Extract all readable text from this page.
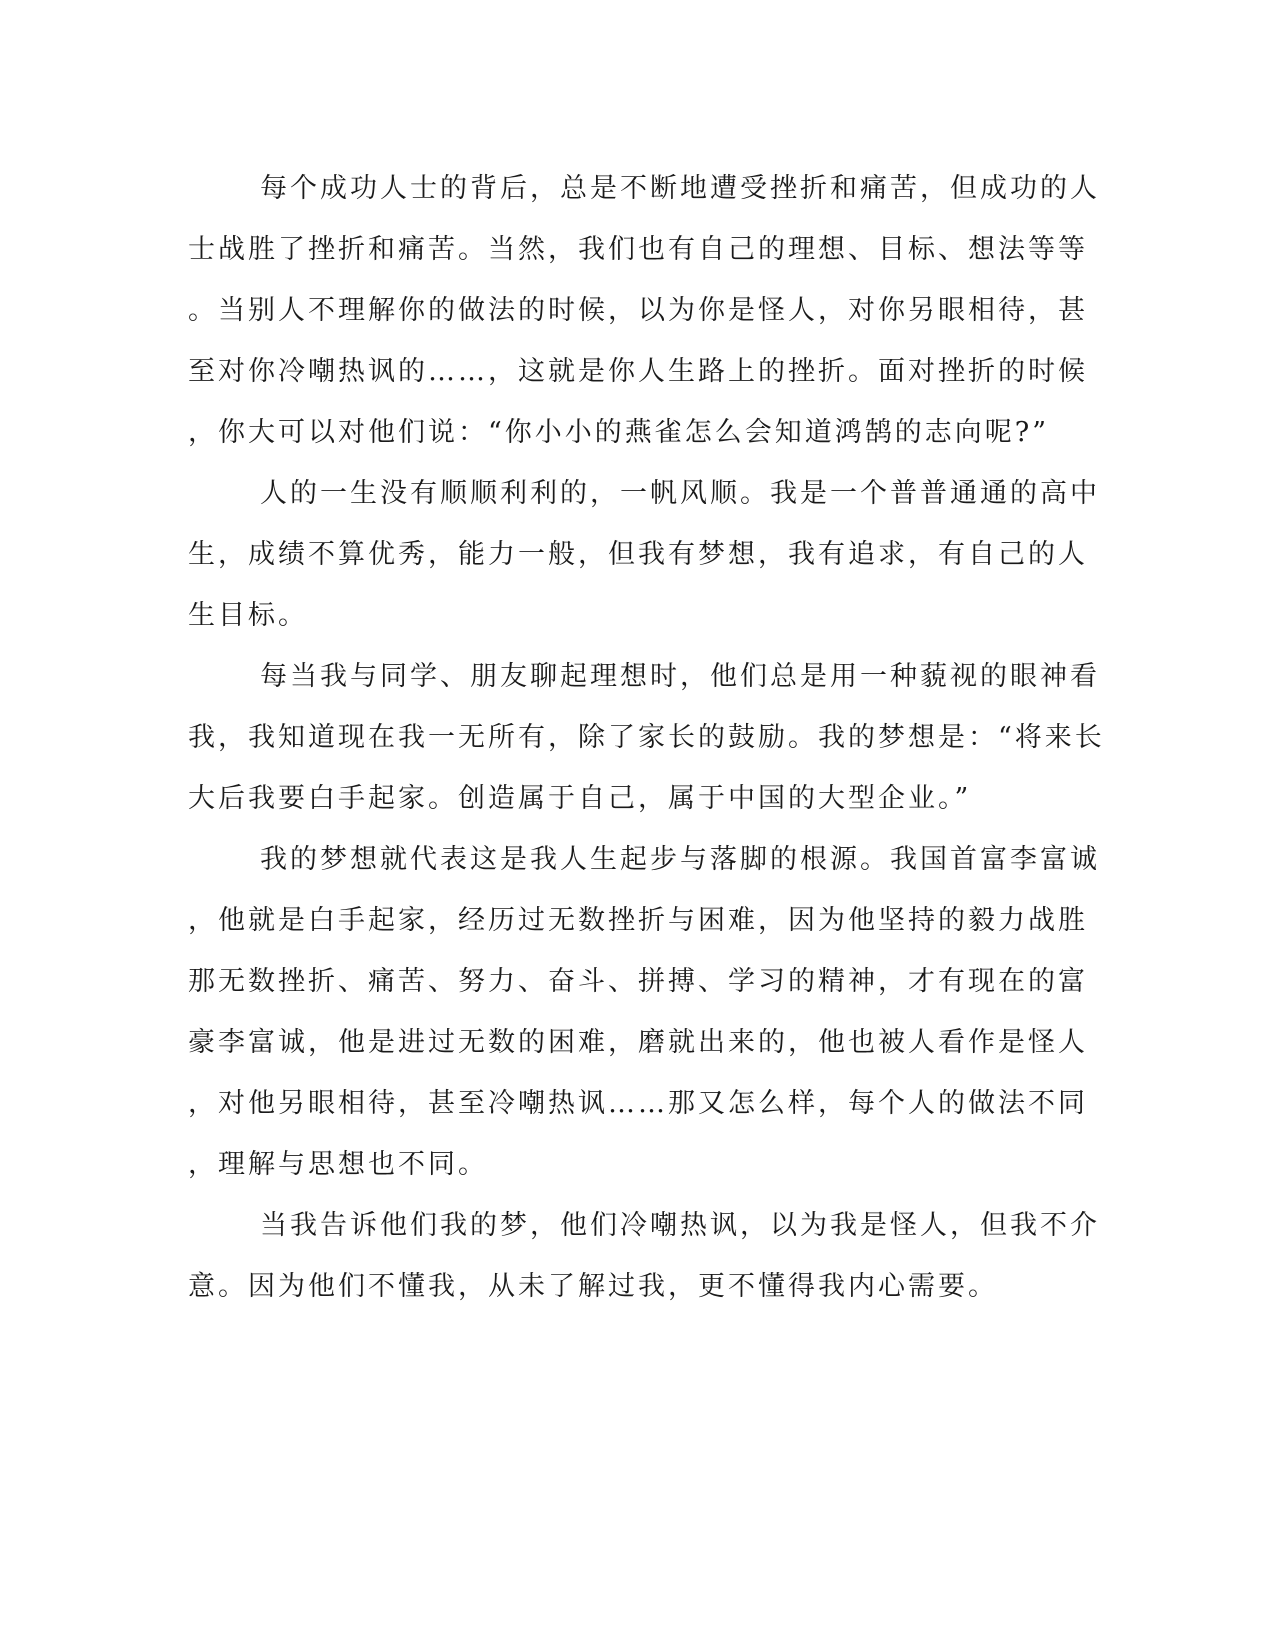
每个成功人士的背后，总是不断地遭受挫折和痛苦，但成功的人
士战胜了挫折和痛苦。当然，我们也有自己的理想、目标、想法等等
。当别人不理解你的做法的时候，以为你是怪人，对你另眼相待，甚
至对你冷嘲热讽的……，这就是你人生路上的挫折。面对挫折的时候
，你大可以对他们说：“你小小的燕雀怎么会知道鸿鹄的志向呢?”

人的一生没有顺顺利利的，一帆风顺。我是一个普普通通的高中
生，成绩不算优秀，能力一般，但我有梦想，我有追求，有自己的人
生目标。

每当我与同学、朋友聊起理想时，他们总是用一种藐视的眼神看
我，我知道现在我一无所有，除了家长的鼓励。我的梦想是：“将来长
大后我要白手起家。创造属于自己，属于中国的大型企业。”

我的梦想就代表这是我人生起步与落脚的根源。我国首富李富诚
，他就是白手起家，经历过无数挫折与困难，因为他坚持的毅力战胜
那无数挫折、痛苦、努力、奋斗、拼搏、学习的精神，才有现在的富
豪李富诚，他是进过无数的困难，磨就出来的，他也被人看作是怪人
，对他另眼相待，甚至冷嘲热讽……那又怎么样，每个人的做法不同
，理解与思想也不同。

当我告诉他们我的梦，他们冷嘲热讽，以为我是怪人，但我不介
意。因为他们不懂我，从未了解过我，更不懂得我内心需要。
